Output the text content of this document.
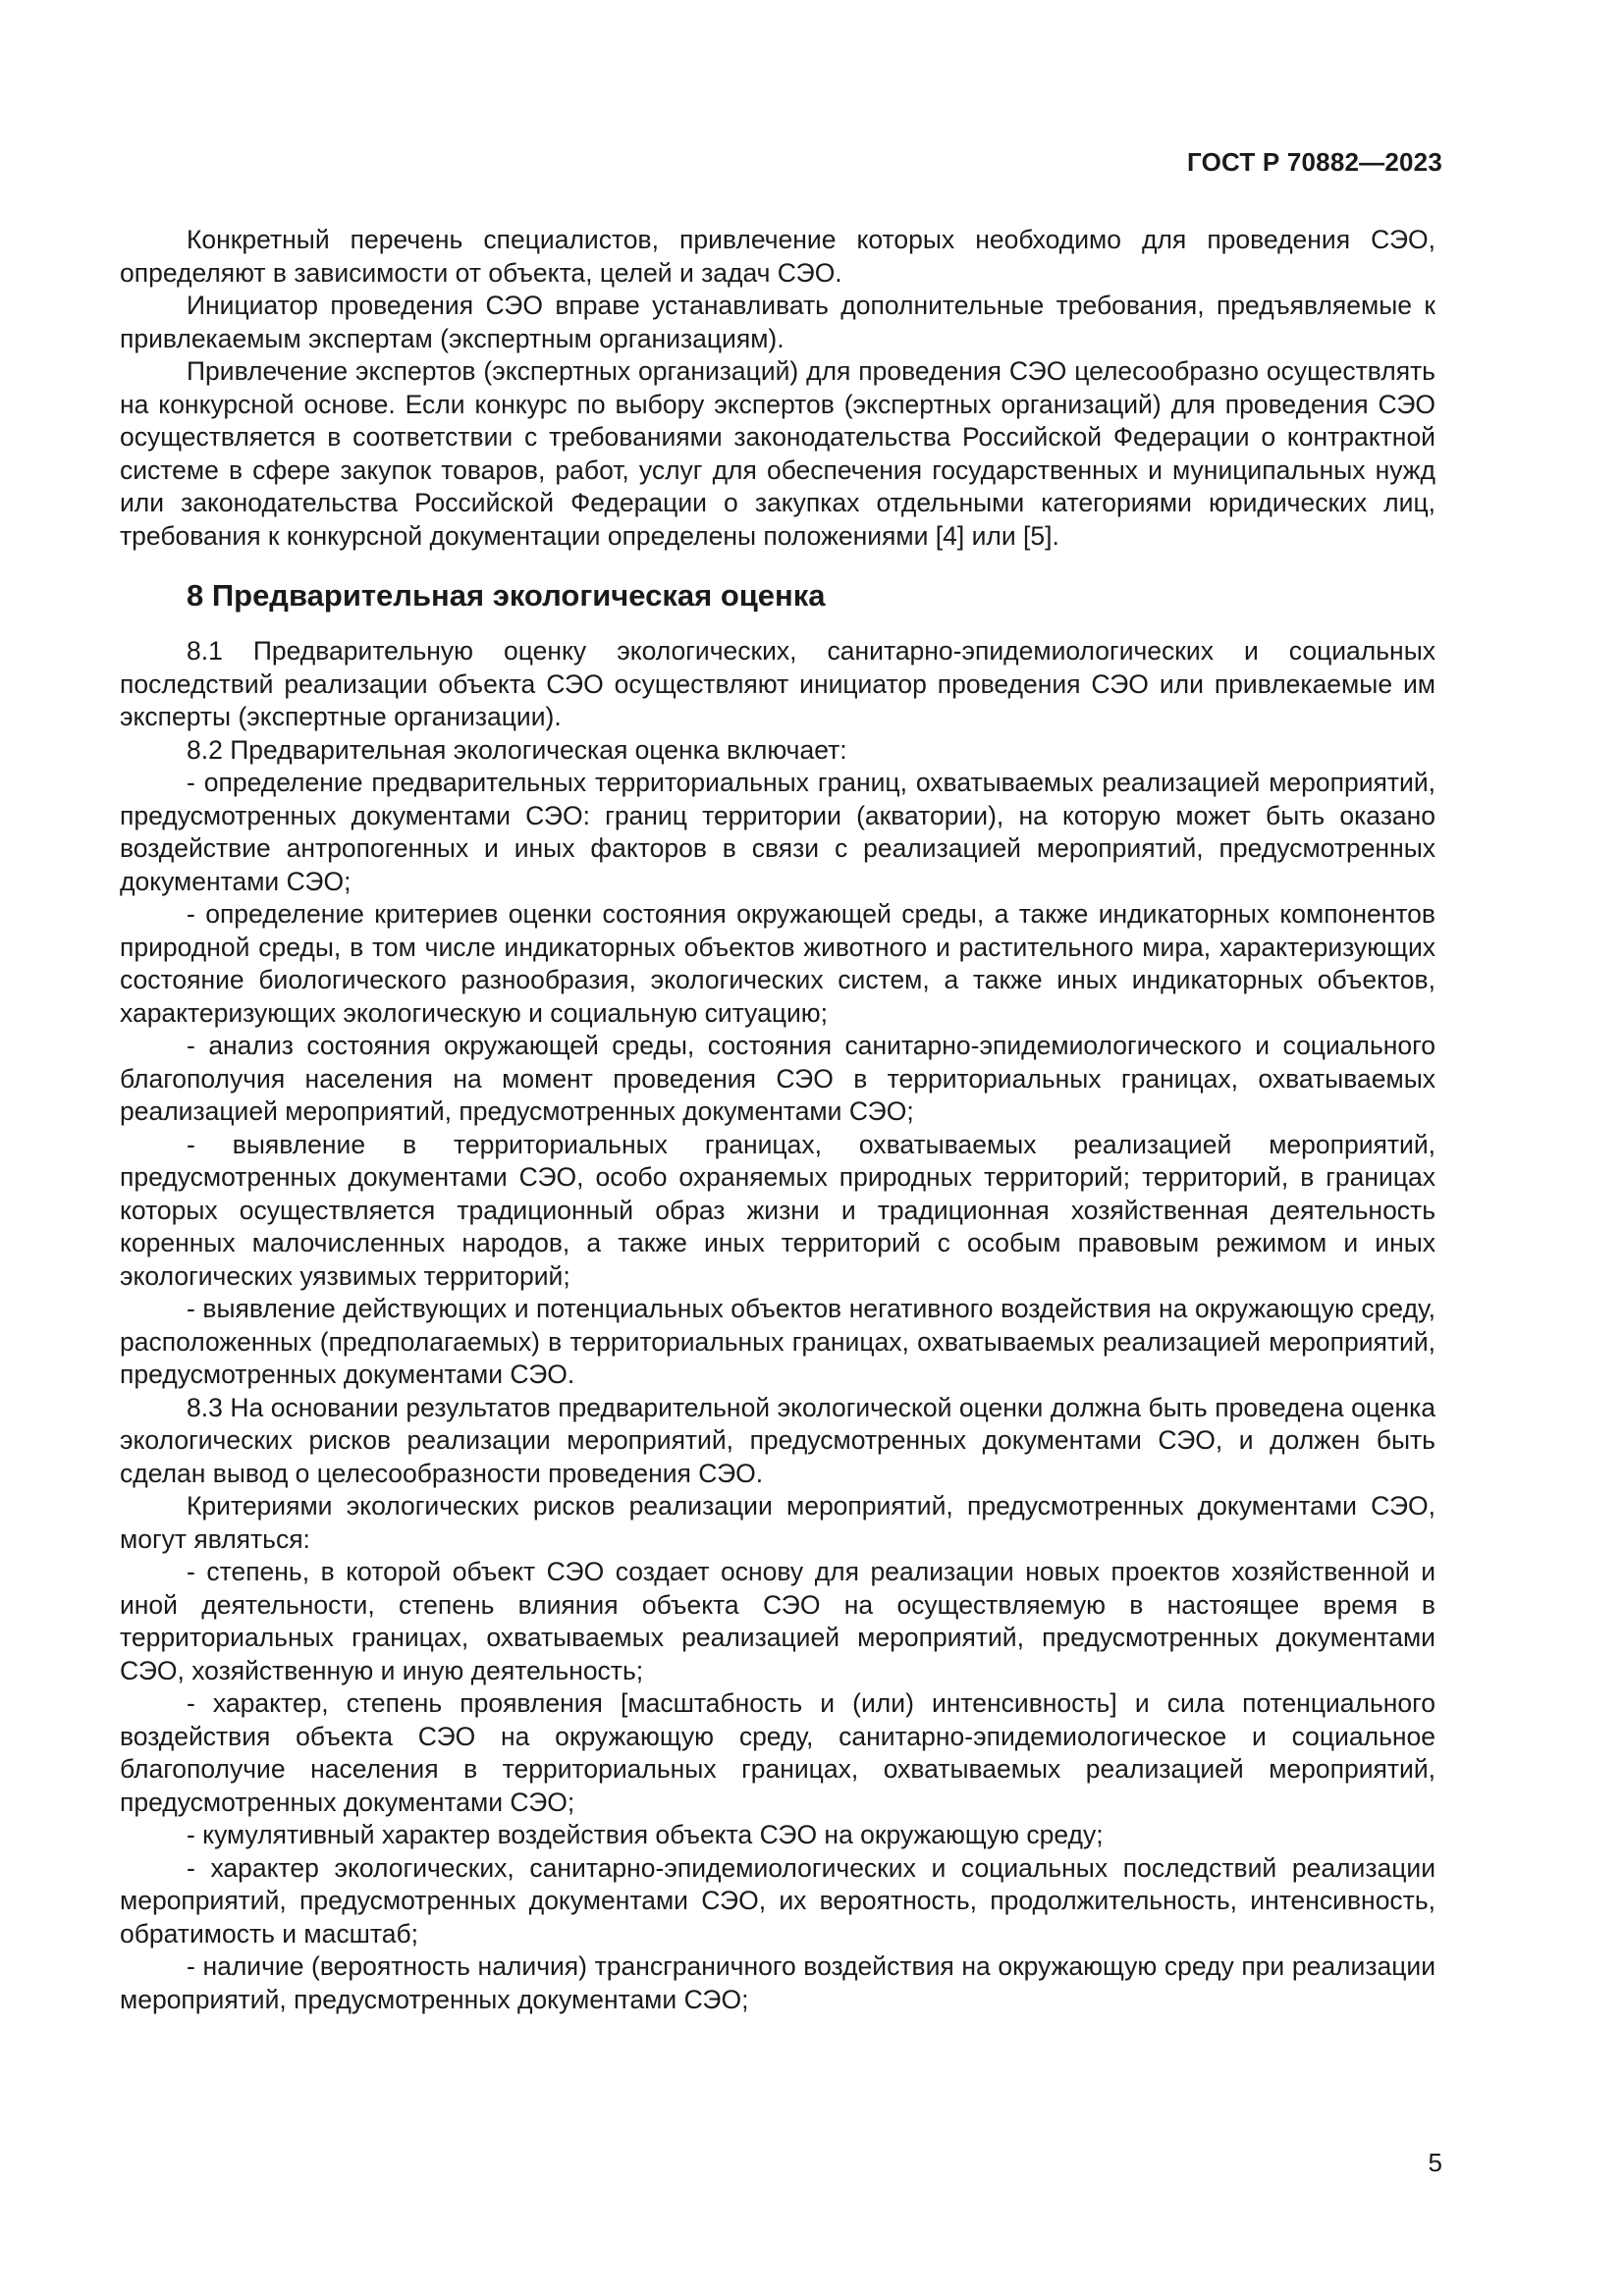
ГОСТ Р 70882—2023

Конкретный перечень специалистов, привлечение которых необходимо для проведения СЭО, определяют в зависимости от объекта, целей и задач СЭО.

Инициатор проведения СЭО вправе устанавливать дополнительные требования, предъявляемые к привлекаемым экспертам (экспертным организациям).

Привлечение экспертов (экспертных организаций) для проведения СЭО целесообразно осуществлять на конкурсной основе. Если конкурс по выбору экспертов (экспертных организаций) для проведения СЭО осуществляется в соответствии с требованиями законодательства Российской Федерации о контрактной системе в сфере закупок товаров, работ, услуг для обеспечения государственных и муниципальных нужд или законодательства Российской Федерации о закупках отдельными категориями юридических лиц, требования к конкурсной документации определены положениями [4] или [5].

8 Предварительная экологическая оценка

8.1 Предварительную оценку экологических, санитарно-эпидемиологических и социальных последствий реализации объекта СЭО осуществляют инициатор проведения СЭО или привлекаемые им эксперты (экспертные организации).

8.2 Предварительная экологическая оценка включает:

- определение предварительных территориальных границ, охватываемых реализацией мероприятий, предусмотренных документами СЭО: границ территории (акватории), на которую может быть оказано воздействие антропогенных и иных факторов в связи с реализацией мероприятий, предусмотренных документами СЭО;

- определение критериев оценки состояния окружающей среды, а также индикаторных компонентов природной среды, в том числе индикаторных объектов животного и растительного мира, характеризующих состояние биологического разнообразия, экологических систем, а также иных индикаторных объектов, характеризующих экологическую и социальную ситуацию;

- анализ состояния окружающей среды, состояния санитарно-эпидемиологического и социального благополучия населения на момент проведения СЭО в территориальных границах, охватываемых реализацией мероприятий, предусмотренных документами СЭО;

- выявление в территориальных границах, охватываемых реализацией мероприятий, предусмотренных документами СЭО, особо охраняемых природных территорий; территорий, в границах которых осуществляется традиционный образ жизни и традиционная хозяйственная деятельность коренных малочисленных народов, а также иных территорий с особым правовым режимом и иных экологических уязвимых территорий;

- выявление действующих и потенциальных объектов негативного воздействия на окружающую среду, расположенных (предполагаемых) в территориальных границах, охватываемых реализацией мероприятий, предусмотренных документами СЭО.

8.3 На основании результатов предварительной экологической оценки должна быть проведена оценка экологических рисков реализации мероприятий, предусмотренных документами СЭО, и должен быть сделан вывод о целесообразности проведения СЭО.

Критериями экологических рисков реализации мероприятий, предусмотренных документами СЭО, могут являться:

- степень, в которой объект СЭО создает основу для реализации новых проектов хозяйственной и иной деятельности, степень влияния объекта СЭО на осуществляемую в настоящее время в территориальных границах, охватываемых реализацией мероприятий, предусмотренных документами СЭО, хозяйственную и иную деятельность;

- характер, степень проявления [масштабность и (или) интенсивность] и сила потенциального воздействия объекта СЭО на окружающую среду, санитарно-эпидемиологическое и социальное благополучие населения в территориальных границах, охватываемых реализацией мероприятий, предусмотренных документами СЭО;

- кумулятивный характер воздействия объекта СЭО на окружающую среду;

- характер экологических, санитарно-эпидемиологических и социальных последствий реализации мероприятий, предусмотренных документами СЭО, их вероятность, продолжительность, интенсивность, обратимость и масштаб;

- наличие (вероятность наличия) трансграничного воздействия на окружающую среду при реализации мероприятий, предусмотренных документами СЭО;

5
